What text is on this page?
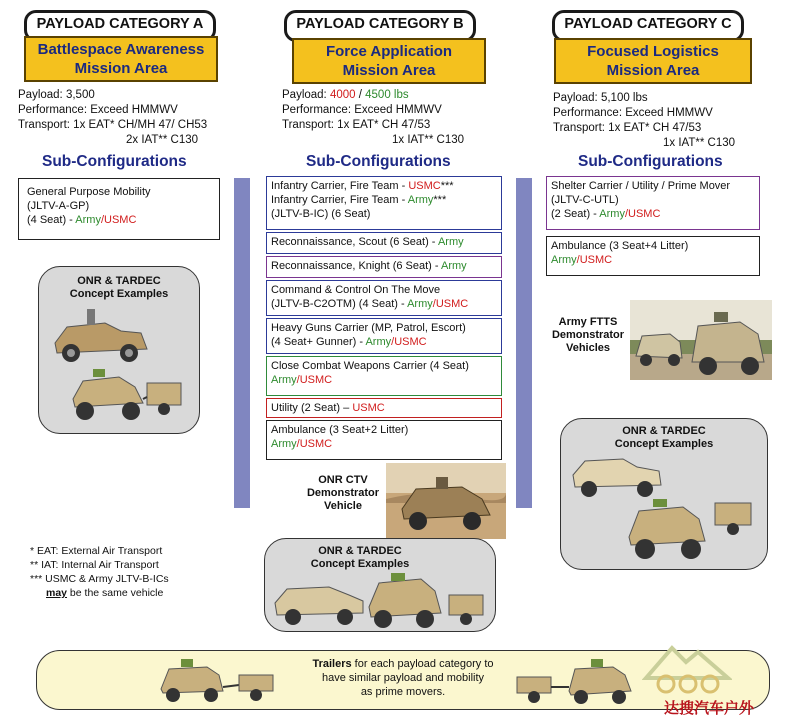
PAYLOAD CATEGORY A
Battlespace Awareness
Mission Area
Payload: 3,500
Performance: Exceed HMMWV
Transport: 1x EAT* CH/MH 47/ CH53
2x IAT** C130
Sub-Configurations
General Purpose Mobility
(JLTV-A-GP)
(4 Seat) - Army/USMC
ONR & TARDEC
Concept Examples
* EAT: External Air Transport
** IAT: Internal Air Transport
*** USMC & Army JLTV-B-ICs
may be the same vehicle
PAYLOAD CATEGORY B
Force Application
Mission Area
Payload: 4000 / 4500 lbs
Performance: Exceed HMMWV
Transport: 1x EAT* CH 47/53
1x IAT** C130
Sub-Configurations
Infantry Carrier, Fire Team - USMC***
Infantry Carrier, Fire Team - Army***
(JLTV-B-IC) (6 Seat)
Reconnaissance, Scout (6 Seat) - Army
Reconnaissance, Knight (6 Seat) - Army
Command & Control On The Move
(JLTV-B-C2OTM) (4 Seat) - Army/USMC
Heavy Guns Carrier (MP, Patrol, Escort)
(4 Seat+ Gunner) - Army/USMC
Close Combat Weapons Carrier (4 Seat)
Army/USMC
Utility (2 Seat) – USMC
Ambulance (3 Seat+2 Litter)
Army/USMC
ONR CTV
Demonstrator
Vehicle
ONR & TARDEC
Concept Examples
PAYLOAD CATEGORY C
Focused Logistics
Mission Area
Payload: 5,100 lbs
Performance: Exceed HMMWV
Transport: 1x EAT* CH 47/53
1x IAT** C130
Sub-Configurations
Shelter Carrier / Utility / Prime Mover
(JLTV-C-UTL)
(2 Seat) - Army/USMC
Ambulance (3 Seat+4 Litter)
Army/USMC
Army FTTS
Demonstrator
Vehicles
ONR & TARDEC
Concept Examples
Trailers for each payload category to
have similar payload and mobility
as prime movers.
达搜汽车户外
